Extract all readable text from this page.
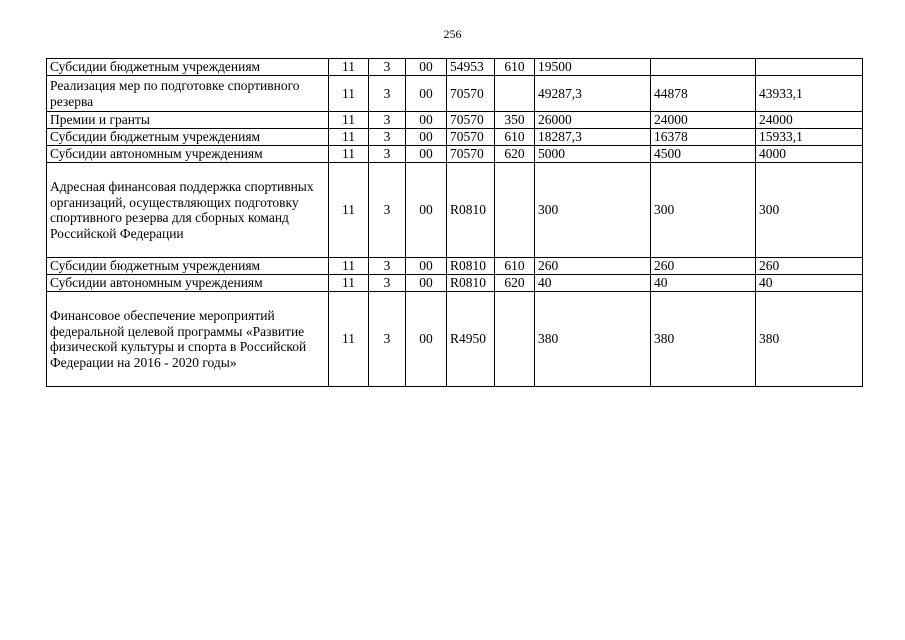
256
Субсидии бюджетным учреждениям	11	3	00	54953	610	19500		
Реализация мер по подготовке спортивного резерва	11	3	00	70570		49287,3	44878	43933,1
Премии и гранты	11	3	00	70570	350	26000	24000	24000
Субсидии бюджетным учреждениям	11	3	00	70570	610	18287,3	16378	15933,1
Субсидии автономным учреждениям	11	3	00	70570	620	5000	4500	4000
Адресная финансовая поддержка спортивных организаций, осуществляющих подготовку спортивного резерва для сборных команд Российской Федерации	11	3	00	R0810		300	300	300
Субсидии бюджетным учреждениям	11	3	00	R0810	610	260	260	260
Субсидии автономным учреждениям	11	3	00	R0810	620	40	40	40
Финансовое обеспечение мероприятий федеральной целевой программы «Развитие физической культуры и спорта в Российской Федерации на 2016 - 2020 годы»	11	3	00	R4950		380	380	380
